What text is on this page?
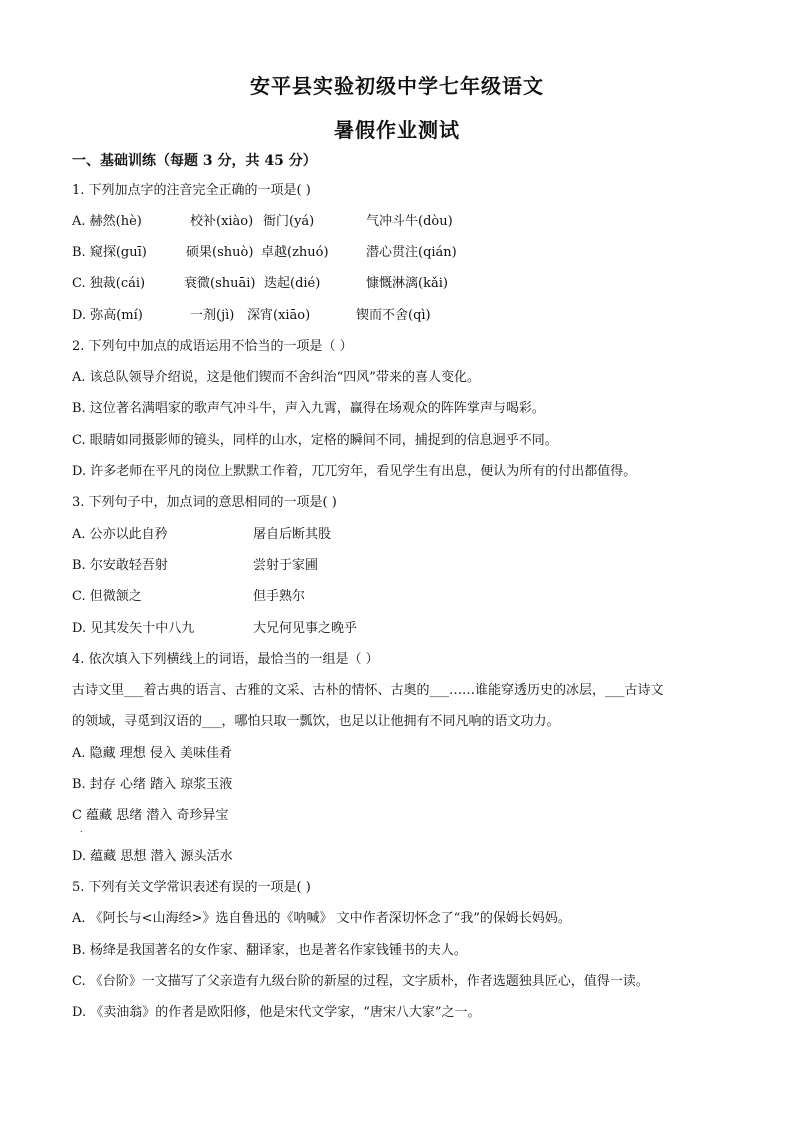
安平县实验初级中学七年级语文
暑假作业测试
一、基础训练（每题 3 分，共 45 分）
1. 下列加点字的注音完全正确的一项是( )
A. 赫然(hè)	校补(xiào) 衙门(yá)	气冲斗牛(dòu)
B. 窥探(guī)	硕果(shuò) 卓越(zhuó)	潜心贯注(qián)
C. 独裁(cái)	衰微(shuāi) 迭起(dié)	慷慨淋漓(kǎi)
D. 弥高(mí)	一剂(jì) 深宵(xiāo)	锲而不舍(qì)
2. 下列句中加点的成语运用不恰当的一项是（ ）
A. 该总队领导介绍说，这是他们锲而不舍纠治“四风”带来的喜人变化。
B. 这位著名满唱家的歌声气冲斗牛，声入九霄，赢得在场观众的阵阵掌声与喝彩。
C. 眼睛如同摄影师的镜头，同样的山水，定格的瞬间不同，捕捉到的信息迥乎不同。
D. 许多老师在平凡的岗位上默默工作着，兀兀穷年，看见学生有出息，便认为所有的付出都值得。
3. 下列句子中，加点词的意思相同的一项是( )
A. 公亦以此自矜	屠自后断其股
B. 尔安敢轻吾射	尝射于家圃
C. 但微颔之	但手熟尔
D. 见其发矢十中八九	大兄何见事之晚乎
4. 依次填入下列横线上的词语，最恰当的一组是（ ）
古诗文里___着古典的语言、古雅的文采、古朴的情怀、古奥的___……谁能穿透历史的冰层，___古诗文
的领域，寻觅到汉语的___，哪怕只取一瓢饮，也足以让他拥有不同凡响的语文功力。
A. 隐藏 理想 侵入 美味佳肴
B. 封存 心绪 踏入 琼浆玉液
C 蕴藏 思绪 潜入 奇珍异宝
.
D. 蕴藏 思想 潜入 源头活水
5. 下列有关文学常识表述有误的一项是( )
A. 《阿长与<山海经>》选自鲁迅的《呐喊》 文中作者深切怀念了“我”的保姆长妈妈。
B. 杨绛是我国著名的女作家、翻译家，也是著名作家钱锺书的夫人。
C. 《台阶》一文描写了父亲造有九级台阶的新屋的过程，文字质朴，作者选题独具匠心，值得一读。
D. 《卖油翁》的作者是欧阳修，他是宋代文学家，“唐宋八大家”之一。
